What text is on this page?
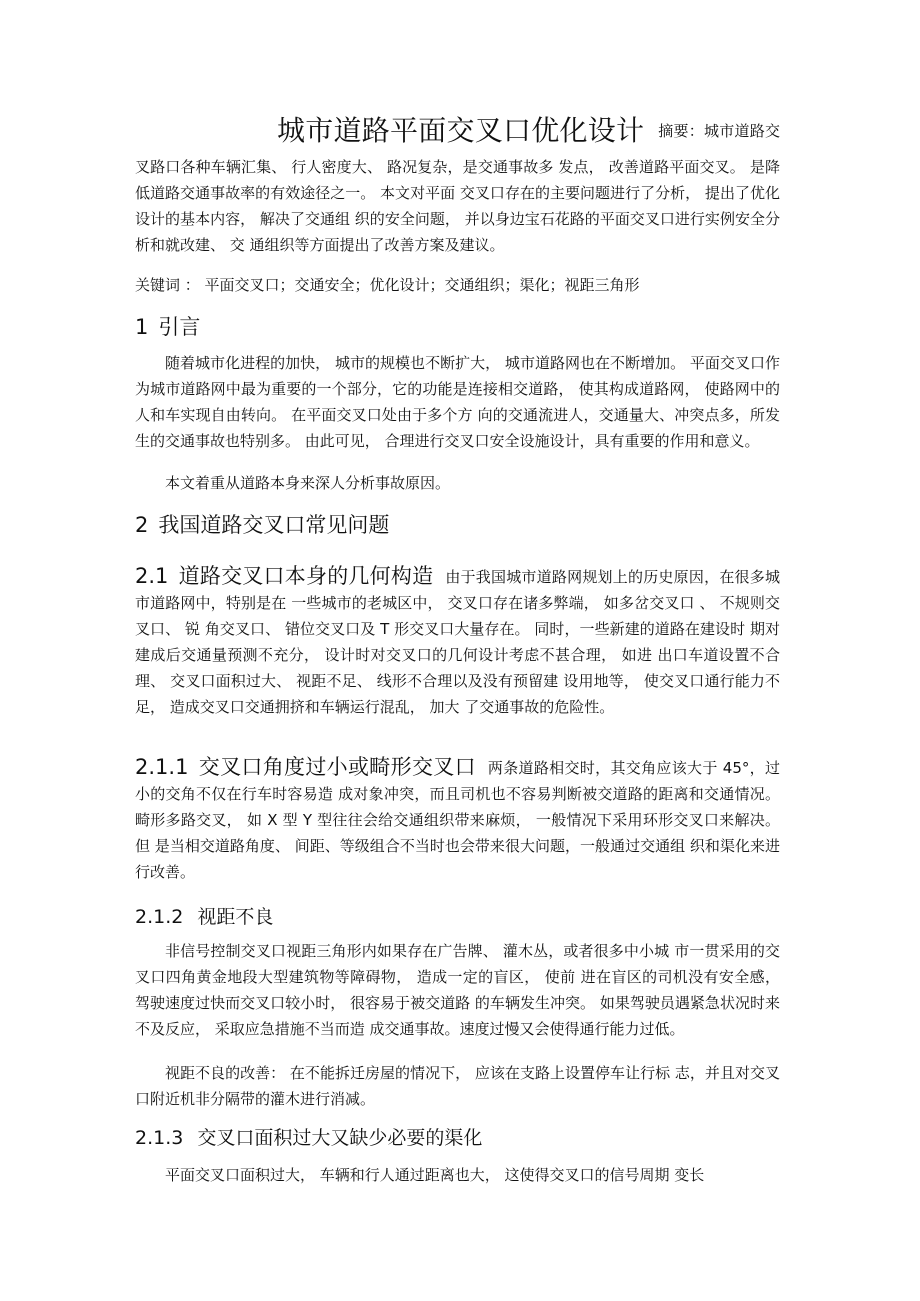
城市道路平面交叉口优化设计 摘要：城市道路交叉路口各种车辆汇集、 行人密度大、 路况复杂，是交通事故多 发点， 改善道路平面交叉。 是降低道路交通事故率的有效途径之一。 本文对平面 交叉口存在的主要问题进行了分析， 提出了优化设计的基本内容， 解决了交通组 织的安全问题， 并以身边宝石花路的平面交叉口进行实例安全分析和就改建、 交 通组织等方面提出了改善方案及建议。

关键词 ： 平面交叉口；交通安全；优化设计；交通组织；渠化；视距三角形

1 引言

随着城市化进程的加快， 城市的规模也不断扩大， 城市道路网也在不断增加。 平面交叉口作为城市道路网中最为重要的一个部分，它的功能是连接相交道路， 使其构成道路网， 使路网中的人和车实现自由转向。 在平面交叉口处由于多个方 向的交通流进人，交通量大、冲突点多，所发生的交通事故也特别多。 由此可见， 合理进行交叉口安全设施设计，具有重要的作用和意义。

本文着重从道路本身来深人分析事故原因。

2 我国道路交叉口常见问题

2.1 道路交叉口本身的几何构造 由于我国城市道路网规划上的历史原因，在很多城市道路网中，特别是在 一些城市的老城区中， 交叉口存在诸多弊端， 如多岔交叉口 、 不规则交叉口、 锐 角交叉口、 错位交叉口及 T 形交叉口大量存在。 同时，一些新建的道路在建设时 期对建成后交通量预测不充分， 设计时对交叉口的几何设计考虑不甚合理， 如进 出口车道设置不合理、 交叉口面积过大、 视距不足、 线形不合理以及没有预留建 设用地等， 使交叉口通行能力不足， 造成交叉口交通拥挤和车辆运行混乱， 加大 了交通事故的危险性。

2.1.1 交叉口角度过小或畸形交叉口 两条道路相交时，其交角应该大于 45°，过小的交角不仅在行车时容易造 成对象冲突，而且司机也不容易判断被交道路的距离和交通情况。 畸形多路交叉， 如 X 型 Y 型往往会给交通组织带来麻烦， 一般情况下采用环形交叉口来解决。 但 是当相交道路角度、 间距、等级组合不当时也会带来很大问题，一般通过交通组 织和渠化来进行改善。

2.1.2 视距不良

非信号控制交叉口视距三角形内如果存在广告牌、 灌木丛，或者很多中小城 市一贯采用的交叉口四角黄金地段大型建筑物等障碍物， 造成一定的盲区， 使前 进在盲区的司机没有安全感， 驾驶速度过快而交叉口较小时， 很容易于被交道路 的车辆发生冲突。 如果驾驶员遇紧急状况时来不及反应， 采取应急措施不当而造 成交通事故。速度过慢又会使得通行能力过低。

视距不良的改善： 在不能拆迁房屋的情况下， 应该在支路上设置停车让行标 志，并且对交叉口附近机非分隔带的灌木进行消减。

2.1.3 交叉口面积过大又缺少必要的渠化

平面交叉口面积过大， 车辆和行人通过距离也大， 这使得交叉口的信号周期 变长
